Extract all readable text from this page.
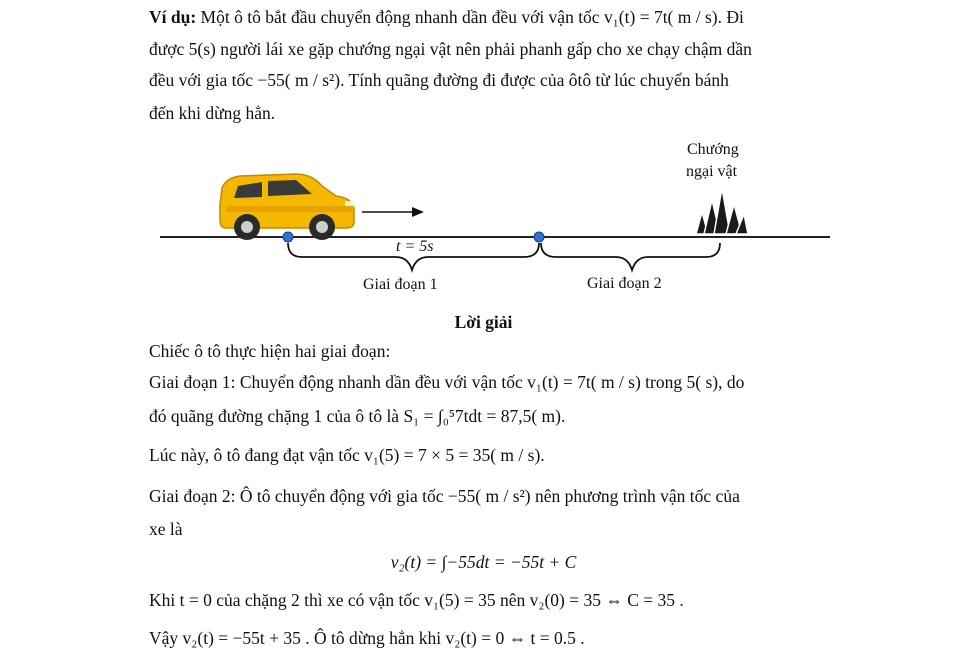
Ví dụ: Một ô tô bắt đầu chuyển động nhanh dần đều với vận tốc v₁(t) = 7t( m / s). Đi
được 5(s) người lái xe gặp chướng ngại vật nên phải phanh gấp cho xe chạy chậm dần
đều với gia tốc −55( m / s²). Tính quãng đường đi được của ôtô từ lúc chuyển bánh
đến khi dừng hẳn.
t = 5s
Giai đoạn 1	Giai đoạn 2
Chướng
ngại vật
Lời giải
Chiếc ô tô thực hiện hai giai đoạn:
Giai đoạn 1: Chuyển động nhanh dần đều với vận tốc v₁(t) = 7t( m / s) trong 5( s), do
đó quãng đường chặng 1 của ô tô là S₁ = ∫₀⁵7tdt = 87,5( m).
Lúc này, ô tô đang đạt vận tốc v₁(5) = 7 × 5 = 35( m / s).
Giai đoạn 2: Ô tô chuyển động với gia tốc −55( m / s²) nên phương trình vận tốc của
xe là
v₂(t) = ∫−55dt = −55t + C
Khi t = 0 của chặng 2 thì xe có vận tốc v₁(5) = 35 nên v₂(0) = 35 ⇔ C = 35 .
Vậy v₂(t) = −55t + 35 . Ô tô dừng hẳn khi v₂(t) = 0 ⇔ t = 0.5 .
